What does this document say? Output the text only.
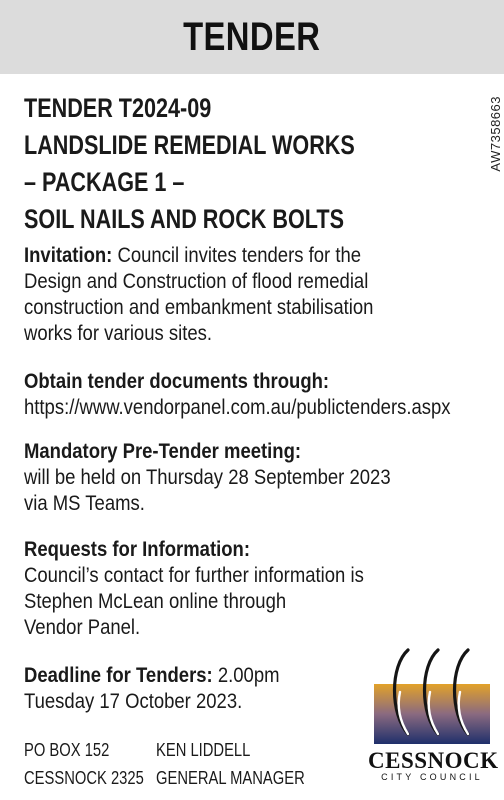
TENDER
AW7358663
TENDER T2024-09
LANDSLIDE REMEDIAL WORKS
– PACKAGE 1 –
SOIL NAILS AND ROCK BOLTS
Invitation: Council invites tenders for the
Design and Construction of flood remedial
construction and embankment stabilisation
works for various sites.
Obtain tender documents through:
https://www.vendorpanel.com.au/publictenders.aspx
Mandatory Pre-Tender meeting:
will be held on Thursday 28 September 2023
via MS Teams.
Requests for Information:
Council’s contact for further information is
Stephen McLean online through
Vendor Panel.
Deadline for Tenders: 2.00pm
Tuesday 17 October 2023.
PO BOX 152
CESSNOCK 2325
KEN LIDDELL
GENERAL MANAGER
CESSNOCK
CITY COUNCIL
